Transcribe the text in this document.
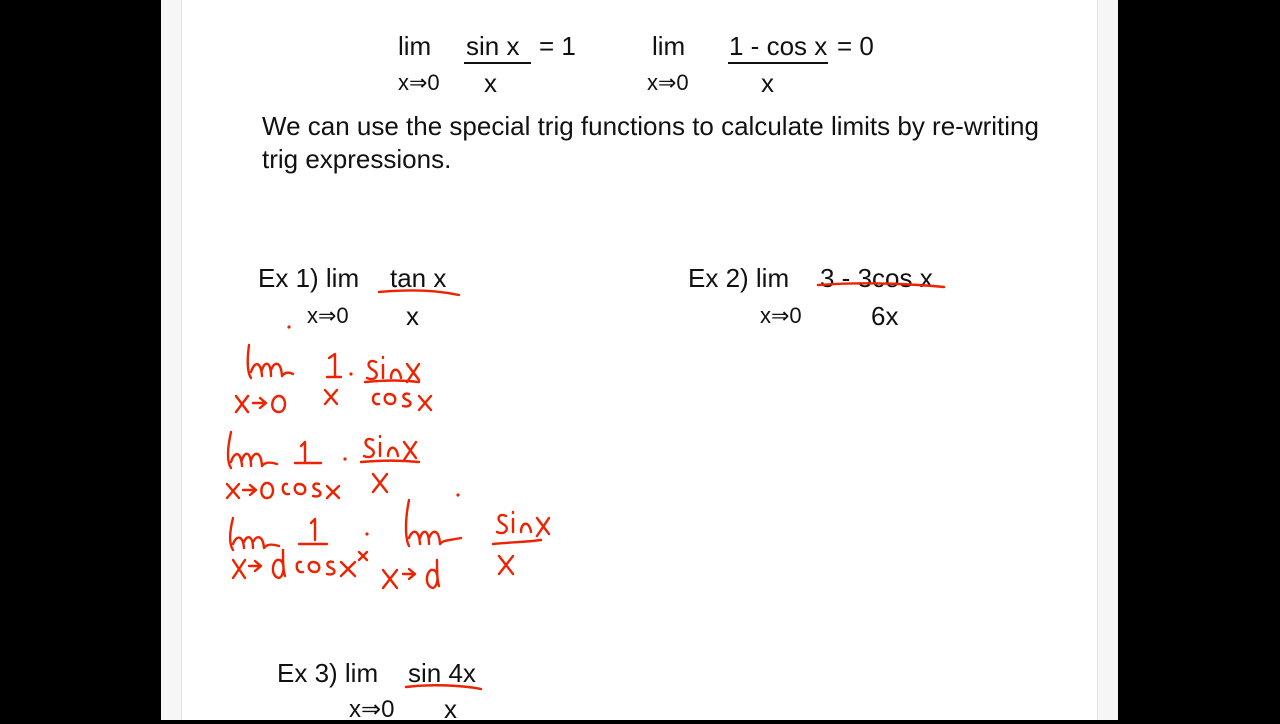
lim
x⇒0
sin x
x
= 1	lim
x⇒0
1 - cos x
x
= 0
We can use the special trig functions to calculate limits by re-writing trig expressions.
Ex 1) lim tan x
x⇒0 x
Ex 2) lim 3 - 3cos x
x⇒0	6x
Ex 3) lim sin 4x
x⇒0 x
